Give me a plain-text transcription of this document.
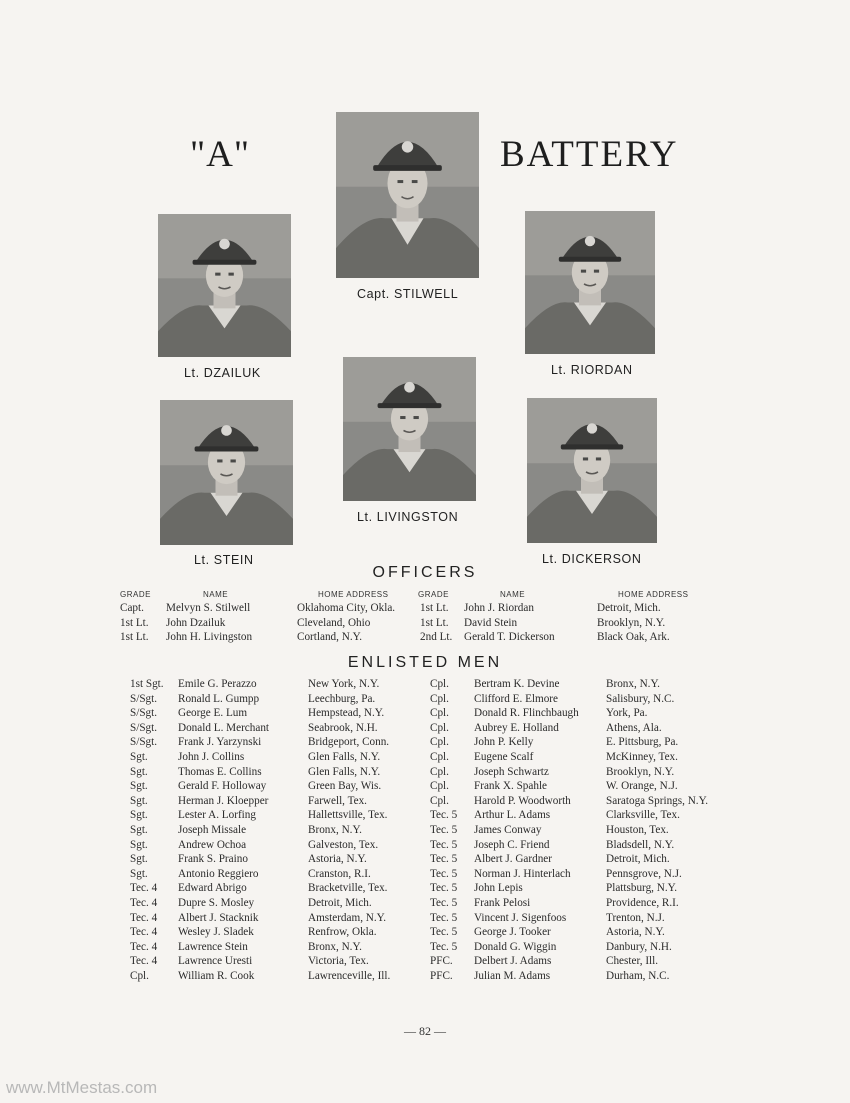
"A"	BATTERY
Capt. STILWELL
Lt. DZAILUK	Lt. RIORDAN
Lt. LIVINGSTON
Lt. STEIN	Lt. DICKERSON
OFFICERS
GRADE	NAME	HOME ADDRESS	GRADE	NAME	HOME ADDRESS
Capt. Melvyn S. Stilwell	Oklahoma City, Okla. 1st Lt. John J. Riordan	Detroit, Mich.
1st Lt. John Dzailuk	Cleveland, Ohio	1st Lt. David Stein	Brooklyn, N.Y.
1st Lt. John H. Livingston	Cortland, N.Y.	2nd Lt. Gerald T. Dickerson	Black Oak, Ark.
ENLISTED MEN
1st Sgt. Emile G. Perazzo	New York, N.Y.	Cpl. Bertram K. Devine	Bronx, N.Y.
S/Sgt. Ronald L. Gumpp	Leechburg, Pa.	Cpl. Clifford E. Elmore	Salisbury, N.C.
S/Sgt. George E. Lum	Hempstead, N.Y.	Cpl. Donald R. Flinchbaugh York, Pa.
S/Sgt. Donald L. Merchant	Seabrook, N.H.	Cpl. Aubrey E. Holland	Athens, Ala.
S/Sgt. Frank J. Yarzynski	Bridgeport, Conn.	Cpl. John P. Kelly	E. Pittsburg, Pa.
Sgt.	John J. Collins	Glen Falls, N.Y.	Cpl. Eugene Scalf	McKinney, Tex.
Sgt.	Thomas E. Collins	Glen Falls, N.Y.	Cpl. Joseph Schwartz	Brooklyn, N.Y.
Sgt.	Gerald F. Holloway	Green Bay, Wis.	Cpl. Frank X. Spahle	W. Orange, N.J.
Sgt.	Herman J. Kloepper	Farwell, Tex.	Cpl. Harold P. Woodworth	Saratoga Springs, N.Y.
Sgt.	Lester A. Lorfing	Hallettsville, Tex.	Tec. 5 Arthur L. Adams	Clarksville, Tex.
Sgt.	Joseph Missale	Bronx, N.Y.	Tec. 5 James Conway	Houston, Tex.
Sgt.	Andrew Ochoa	Galveston, Tex.	Tec. 5 Joseph C. Friend	Bladsdell, N.Y.
Sgt.	Frank S. Praino	Astoria, N.Y.	Tec. 5 Albert J. Gardner	Detroit, Mich.
Sgt.	Antonio Reggiero	Cranston, R.I.	Tec. 5 Norman J. Hinterlach	Pennsgrove, N.J.
Tec. 4 Edward Abrigo	Bracketville, Tex.	Tec. 5 John Lepis	Plattsburg, N.Y.
Tec. 4 Dupre S. Mosley	Detroit, Mich.	Tec. 5 Frank Pelosi	Providence, R.I.
Tec. 4 Albert J. Stacknik	Amsterdam, N.Y.	Tec. 5 Vincent J. Sigenfoos	Trenton, N.J.
Tec. 4 Wesley J. Sladek	Renfrow, Okla.	Tec. 5 George J. Tooker	Astoria, N.Y.
Tec. 4 Lawrence Stein	Bronx, N.Y.	Tec. 5 Donald G. Wiggin	Danbury, N.H.
Tec. 4 Lawrence Uresti	Victoria, Tex.	PFC. Delbert J. Adams	Chester, Ill.
Cpl.	William R. Cook	Lawrenceville, Ill.	PFC. Julian M. Adams	Durham, N.C.
— 82 —
www.MtMestas.com
